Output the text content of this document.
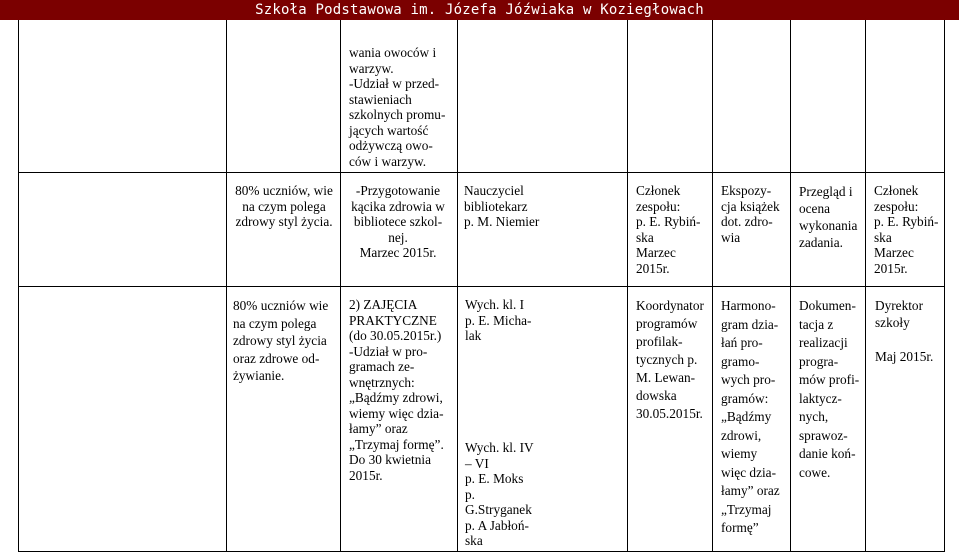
Szkoła Podstawowa im. Józefa Jóźwiaka w Koziegłowach
wania owoców i
warzyw.
-Udział w przed-
stawieniach
szkolnych promu-
jących wartość
odżywczą owo-
ców i warzyw.
80% uczniów, wie
na czym polega
zdrowy styl życia.
-Przygotowanie
kącika zdrowia w
bibliotece szkol-
nej.
Marzec 2015r.
Nauczyciel
bibliotekarz
p. M. Niemier
Członek
zespołu:
p. E. Rybiń-
ska
Marzec
2015r.
Ekspozy-
cja książek
dot. zdro-
wia
Przegląd i
ocena
wykonania
zadania.
Członek
zespołu:
p. E. Rybiń-
ska
Marzec
2015r.
80% uczniów wie
na czym polega
zdrowy styl życia
oraz zdrowe od-
żywianie.
2) ZAJĘCIA
PRAKTYCZNE
(do 30.05.2015r.)
-Udział w pro-
gramach ze-
wnętrznych:
„Bądźmy zdrowi,
wiemy więc dzia-
łamy” oraz
„Trzymaj formę”.
Do 30 kwietnia
2015r.
Wych. kl. I
p. E. Micha-
lak
Wych. kl. IV
– VI
p. E. Moks
p.
G.Stryganek
p. A Jabłoń-
ska
Koordynator
programów
profilak-
tycznych p.
M. Lewan-
dowska
30.05.2015r.
Harmono-
gram dzia-
łań pro-
gramo-
wych pro-
gramów:
„Bądźmy
zdrowi,
wiemy
więc dzia-
łamy” oraz
„Trzymaj
formę”
Dokumen-
tacja z
realizacji
progra-
mów profi-
laktycz-
nych,
sprawoz-
danie koń-
cowe.
Dyrektor
szkoły

Maj 2015r.
